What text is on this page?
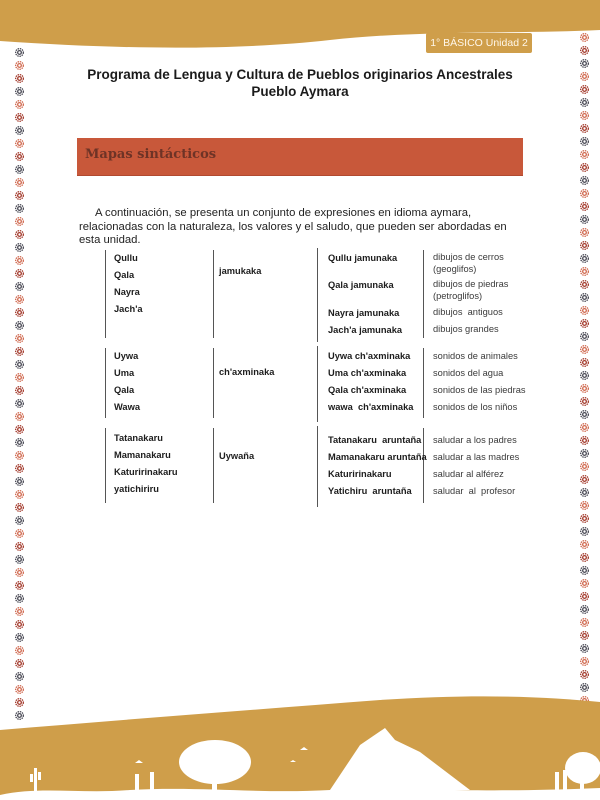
1° BÁSICO Unidad 2
Programa de Lengua y Cultura de Pueblos originarios Ancestrales
Pueblo Aymara
Mapas sintácticos
A continuación, se presenta un conjunto de expresiones en idioma aymara, relacionadas con la naturaleza, los valores y el saludo, que pueden ser abordadas en esta unidad.
Qullu
Qala
Nayra
Jach'a
jamukaka
Qullu jamunaka
Qala jamunaka
Nayra jamunaka
Jach'a jamunaka
dibujos de cerros (geoglifos)
dibujos de piedras (petroglifos)
dibujos  antiguos
dibujos grandes
Uywa
Uma
Qala
Wawa
ch'axminaka
Uywa ch'axminaka
Uma ch'axminaka
Qala ch'axminaka
wawa  ch'axminaka
sonidos de animales
sonidos del agua
sonidos de las piedras
sonidos de los niños
Tatanakaru
Mamanakaru
Katuririnakaru
yatichiriru
Uywaña
Tatanakaru  aruntaña
Mamanakaru aruntaña
Katuririnakaru
Yatichiru  aruntaña
saludar a los padres
saludar a las madres
saludar al alférez
saludar  al  profesor
